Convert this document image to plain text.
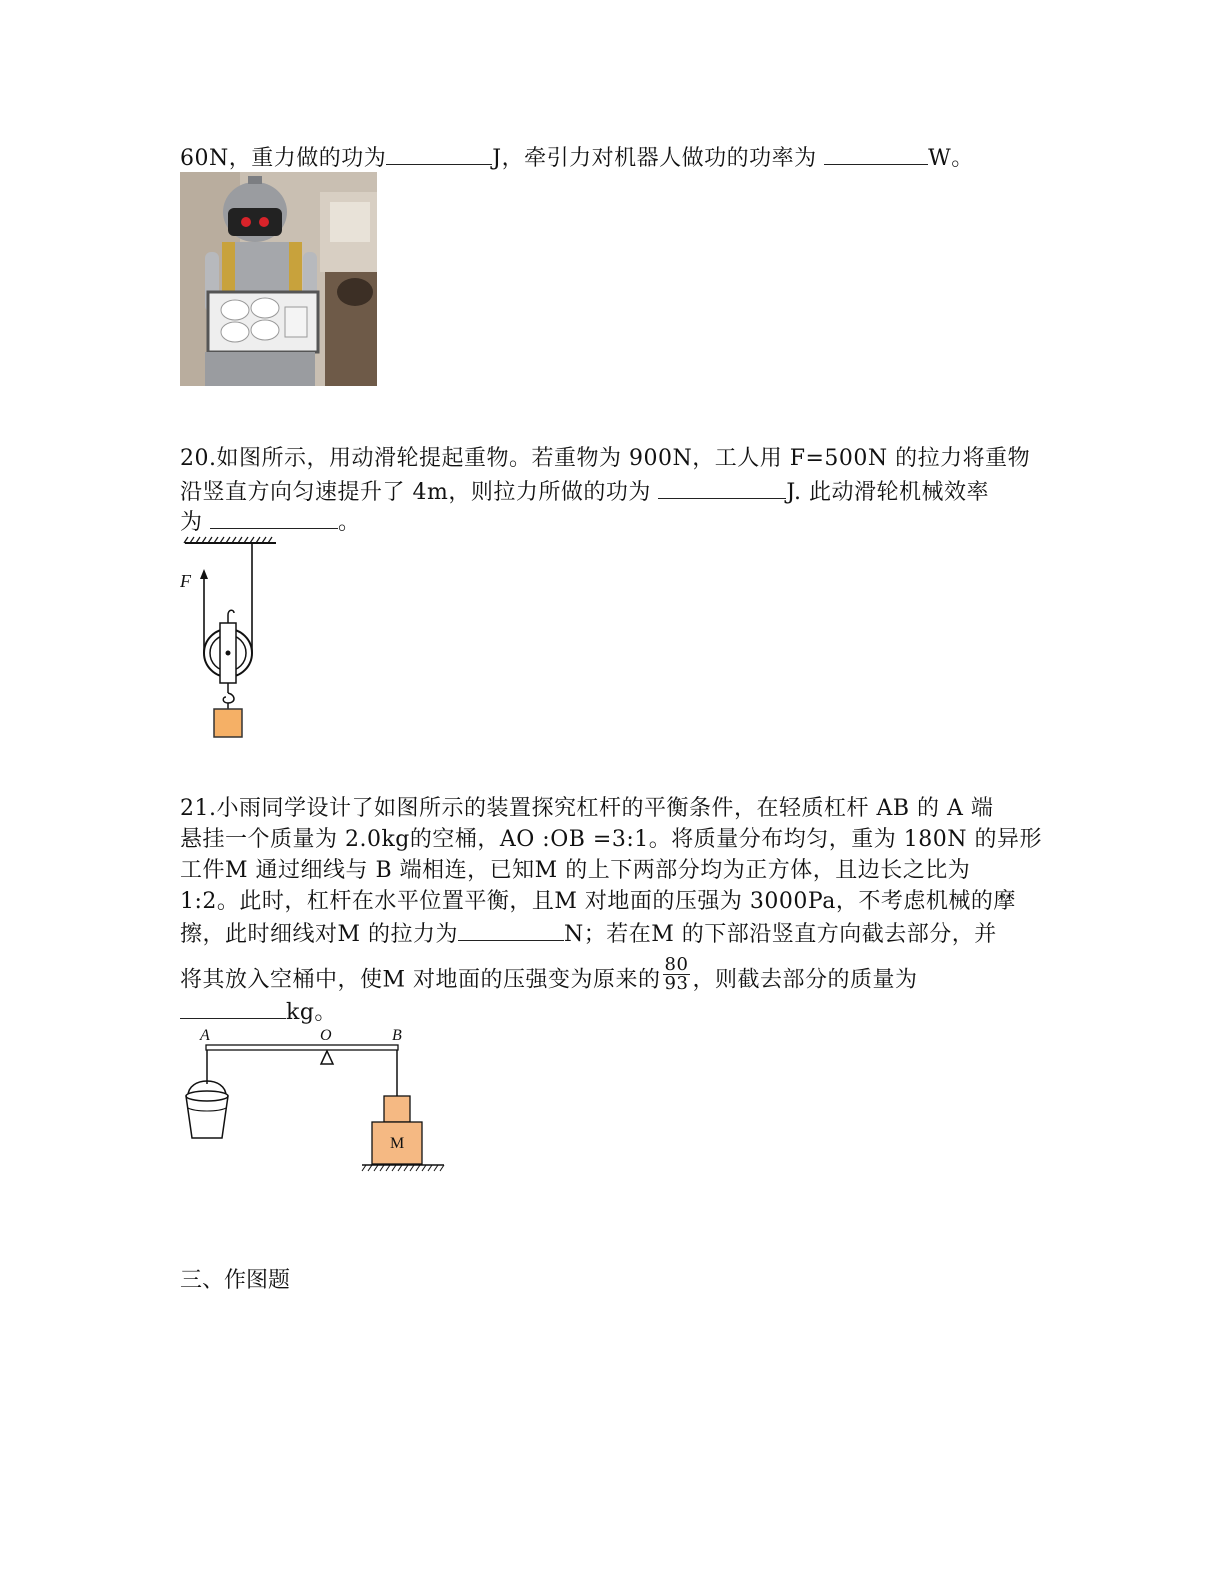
60N，重力做的功为	J，牵引力对机器人做功的功率为	W。
20.如图所示，用动滑轮提起重物。若重物为 900N，工人用 F=500N 的拉力将重物
沿竖直方向匀速提升了 4m，则拉力所做的功为	J. 此动滑轮机械效率
为	。
F
21.小雨同学设计了如图所示的装置探究杠杆的平衡条件，在轻质杠杆 AB 的 A 端
悬挂一个质量为 2.0kg的空桶，AO :OB =3:1。将质量分布均匀，重为 180N 的异形
工件M 通过细线与 B 端相连，已知M 的上下两部分均为正方体，且边长之比为
1:2。此时，杠杆在水平位置平衡，且M 对地面的压强为 3000Pa，不考虑机械的摩
擦，此时细线对M 的拉力为	N；若在M 的下部沿竖直方向截去部分，并
将其放入空桶中，使M 对地面的压强变为原来的 $\frac{80}{93}$ ，则截去部分的质量为
kg。
A	O	B
M
三、作图题
